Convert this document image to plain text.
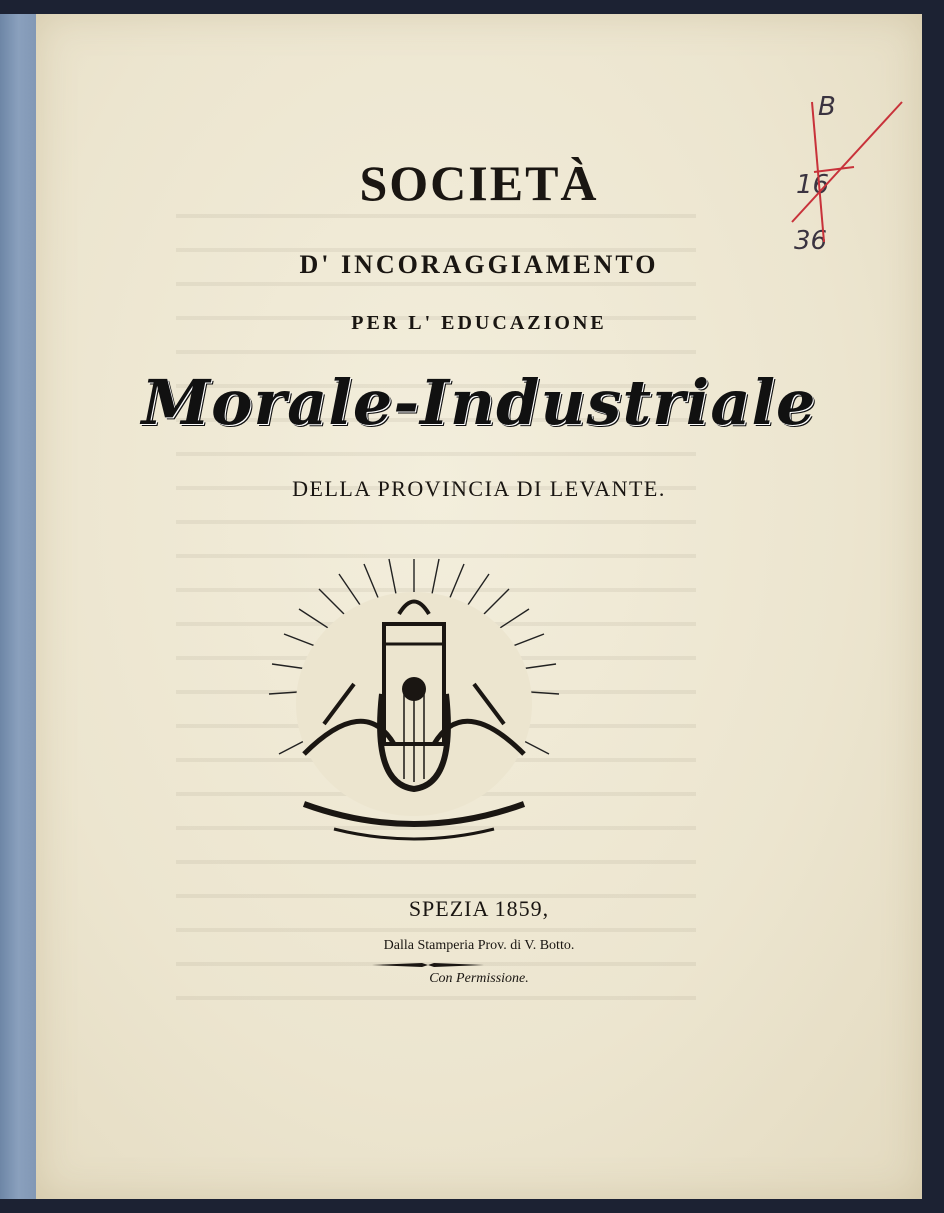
SOCIETÀ
D' INCORAGGIAMENTO
PER L' EDUCAZIONE
Morale-Industriale
DELLA PROVINCIA DI LEVANTE.
SPEZIA 1859,
Dalla Stamperia Prov. di V. Botto.
Con Permissione.
B
16
36
